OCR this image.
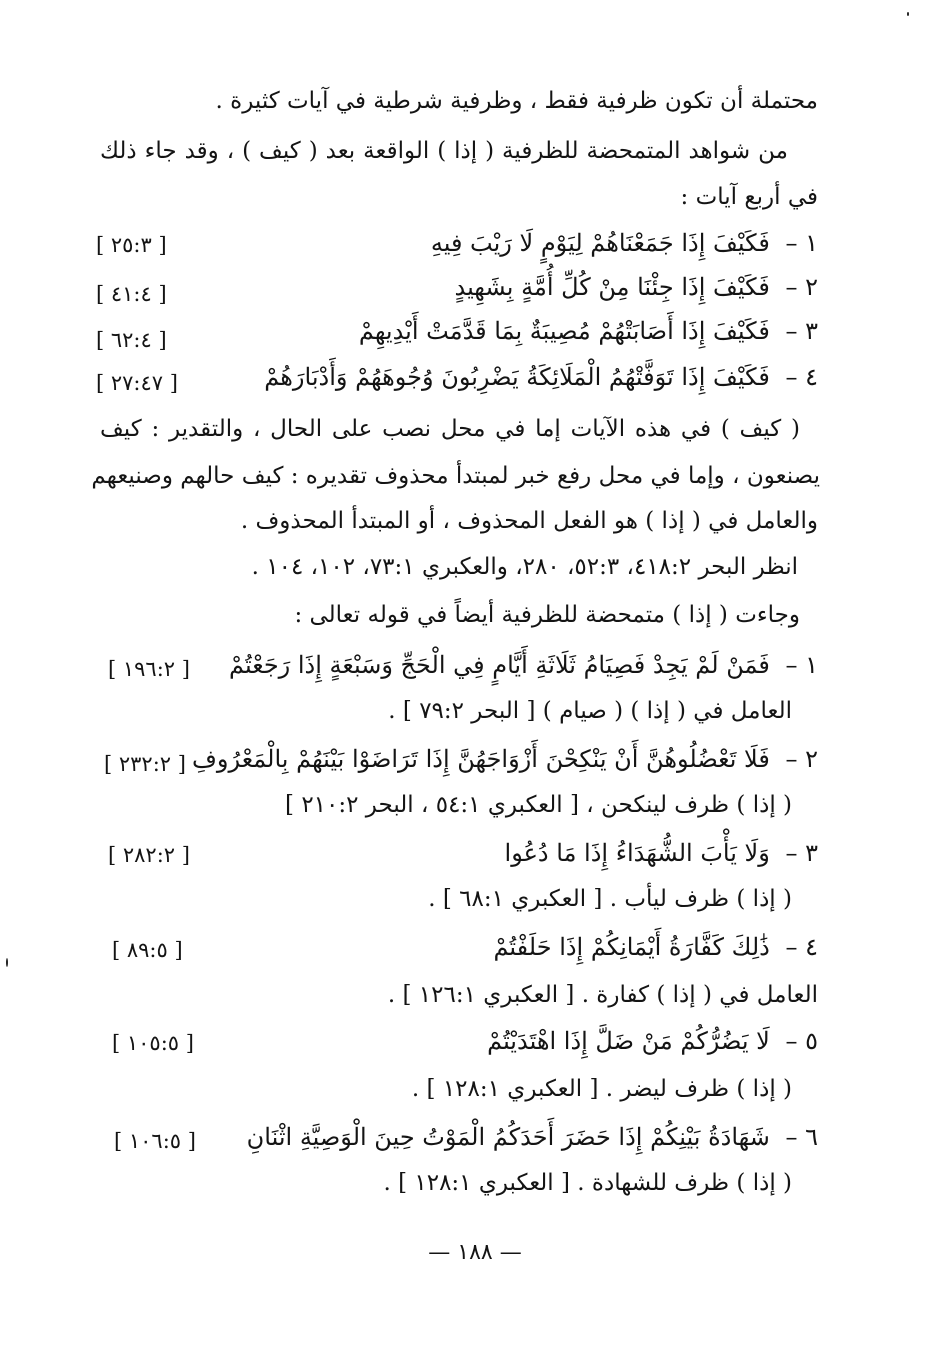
محتملة أن تكون ظرفية فقط ، وظرفية شرطية في آيات كثيرة .
من شواهد المتمحضة للظرفية ( إذا ) الواقعة بعد ( كيف ) ، وقد جاء ذلك
في أربع آيات :
١ – فَكَيْفَ إِذَا جَمَعْنَاهُمْ لِيَوْمٍ لَا رَيْبَ فِيهِ
[ ٢٥:٣ ]
٢ – فَكَيْفَ إِذَا جِئْنَا مِنْ كُلِّ أُمَّةٍ بِشَهِيدٍ
[ ٤١:٤ ]
٣ – فَكَيْفَ إِذَا أَصَابَتْهُمْ مُصِيبَةٌ بِمَا قَدَّمَتْ أَيْدِيهِمْ
[ ٦٢:٤ ]
٤ – فَكَيْفَ إِذَا تَوَفَّتْهُمُ الْمَلَائِكَةُ يَضْرِبُونَ وُجُوهَهُمْ وَأَدْبَارَهُمْ
[ ٢٧:٤٧ ]
( كيف ) في هذه الآيات إما في محل نصب على الحال ، والتقدير : كيف
يصنعون ، وإما في محل رفع خبر لمبتدأ محذوف تقديره : كيف حالهم وصنيعهم
والعامل في ( إذا ) هو الفعل المحذوف ، أو المبتدأ المحذوف .
انظر البحر ٤١٨:٢، ٥٢:٣، ٢٨٠، والعكبري ٧٣:١، ١٠٢، ١٠٤ .
وجاءت ( إذا ) متمحضة للظرفية أيضاً في قوله تعالى :
١ – فَمَنْ لَمْ يَجِدْ فَصِيَامُ ثَلَاثَةِ أَيَّامٍ فِي الْحَجِّ وَسَبْعَةٍ إِذَا رَجَعْتُمْ
[ ١٩٦:٢ ]
العامل في ( إذا ) ( صيام ) [ البحر ٧٩:٢ ] .
٢ – فَلَا تَعْضُلُوهُنَّ أَنْ يَنْكِحْنَ أَزْوَاجَهُنَّ إِذَا تَرَاضَوْا بَيْنَهُمْ بِالْمَعْرُوفِ
[ ٢٣٢:٢ ]
( إذا ) ظرف لينكحن ، [ العكبري ٥٤:١ ، البحر ٢١٠:٢ ]
٣ – وَلَا يَأْبَ الشُّهَدَاءُ إِذَا مَا دُعُوا
[ ٢٨٢:٢ ]
( إذا ) ظرف ليأب . [ العكبري ٦٨:١ ] .
٤ – ذَٰلِكَ كَفَّارَةُ أَيْمَانِكُمْ إِذَا حَلَفْتُمْ
[ ٨٩:٥ ]
العامل في ( إذا ) كفارة . [ العكبري ١٢٦:١ ] .
٥ – لَا يَضُرُّكُمْ مَنْ ضَلَّ إِذَا اهْتَدَيْتُمْ
[ ١٠٥:٥ ]
( إذا ) ظرف ليضر . [ العكبري ١٢٨:١ ] .
٦ – شَهَادَةُ بَيْنِكُمْ إِذَا حَضَرَ أَحَدَكُمُ الْمَوْتُ حِينَ الْوَصِيَّةِ اثْنَانِ
[ ١٠٦:٥ ]
( إذا ) ظرف للشهادة . [ العكبري ١٢٨:١ ] .
— ١٨٨ —
